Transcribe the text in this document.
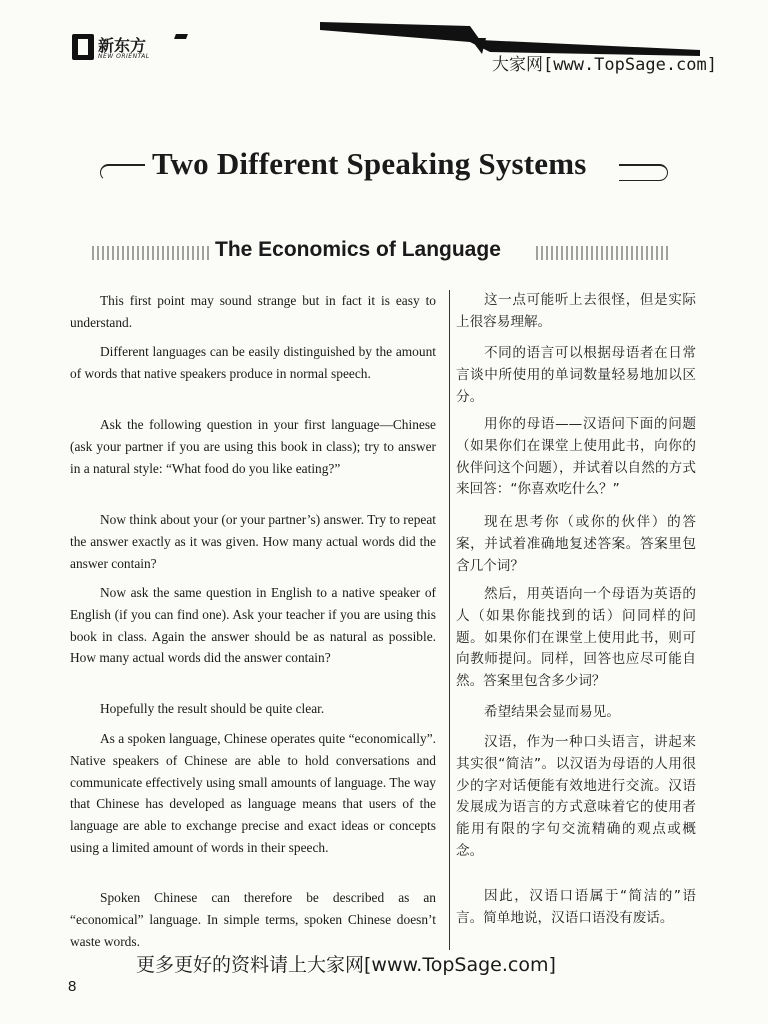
新东方
NEW ORIENTAL	大家网[www.TopSage.com]
Two Different Speaking Systems
The Economics of Language

This first point may sound strange but in fact it is easy to understand.

Different languages can be easily distinguished by the amount of words that native speakers produce in normal speech.

Ask the following question in your first language—Chinese (ask your partner if you are using this book in class); try to answer in a natural style: “What food do you like eating?”

Now think about your (or your partner’s) answer. Try to repeat the answer exactly as it was given. How many actual words did the answer contain?

Now ask the same question in English to a native speaker of English (if you can find one). Ask your teacher if you are using this book in class. Again the answer should be as natural as possible. How many actual words did the answer contain?

Hopefully the result should be quite clear.

As a spoken language, Chinese operates quite “economically”. Native speakers of Chinese are able to hold conversations and communicate effectively using small amounts of language. The way that Chinese has developed as language means that users of the language are able to exchange precise and exact ideas or concepts using a limited amount of words in their speech.

Spoken Chinese can therefore be described as an “economical” language. In simple terms, spoken Chinese doesn’t waste words.

这一点可能听上去很怪，但是实际上很容易理解。

不同的语言可以根据母语者在日常言谈中所使用的单词数量轻易地加以区分。

用你的母语——汉语问下面的问题（如果你们在课堂上使用此书，向你的伙伴问这个问题），并试着以自然的方式来回答：“你喜欢吃什么？”

现在思考你（或你的伙伴）的答案，并试着准确地复述答案。答案里包含几个词？

然后，用英语向一个母语为英语的人（如果你能找到的话）问同样的问题。如果你们在课堂上使用此书，则可向教师提问。同样，回答也应尽可能自然。答案里包含多少词？

希望结果会显而易见。

汉语，作为一种口头语言，讲起来其实很“简洁”。以汉语为母语的人用很少的字对话便能有效地进行交流。汉语发展成为语言的方式意味着它的使用者能用有限的字句交流精确的观点或概念。

因此，汉语口语属于“简洁的”语言。简单地说，汉语口语没有废话。

更多更好的资料请上大家网[www.TopSage.com]
8
